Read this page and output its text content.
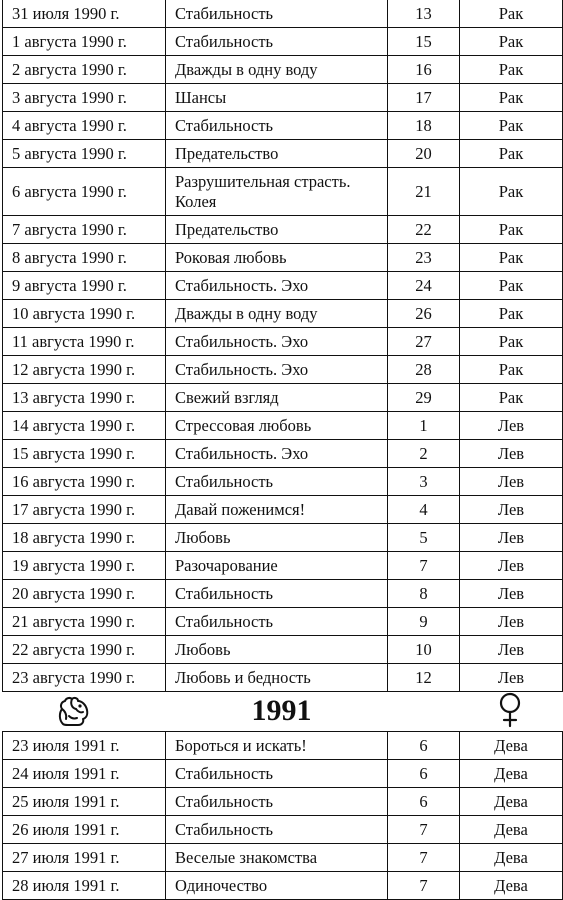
31 июля 1990 г.	Стабильность	13	Рак
1 августа 1990 г.	Стабильность	15	Рак
2 августа 1990 г.	Дважды в одну воду	16	Рак
3 августа 1990 г.	Шансы	17	Рак
4 августа 1990 г.	Стабильность	18	Рак
5 августа 1990 г.	Предательство	20	Рак
6 августа 1990 г.	Разрушительная страсть. Колея	21	Рак
7 августа 1990 г.	Предательство	22	Рак
8 августа 1990 г.	Роковая любовь	23	Рак
9 августа 1990 г.	Стабильность. Эхо	24	Рак
10 августа 1990 г.	Дважды в одну воду	26	Рак
11 августа 1990 г.	Стабильность. Эхо	27	Рак
12 августа 1990 г.	Стабильность. Эхо	28	Рак
13 августа 1990 г.	Свежий взгляд	29	Рак
14 августа 1990 г.	Стрессовая любовь	1	Лев
15 августа 1990 г.	Стабильность. Эхо	2	Лев
16 августа 1990 г.	Стабильность	3	Лев
17 августа 1990 г.	Давай поженимся!	4	Лев
18 августа 1990 г.	Любовь	5	Лев
19 августа 1990 г.	Разочарование	7	Лев
20 августа 1990 г.	Стабильность	8	Лев
21 августа 1990 г.	Стабильность	9	Лев
22 августа 1990 г.	Любовь	10	Лев
23 августа 1990 г.	Любовь и бедность	12	Лев
1991
23 июля 1991 г.	Бороться и искать!	6	Дева
24 июля 1991 г.	Стабильность	6	Дева
25 июля 1991 г.	Стабильность	6	Дева
26 июля 1991 г.	Стабильность	7	Дева
27 июля 1991 г.	Веселые знакомства	7	Дева
28 июля 1991 г.	Одиночество	7	Дева
